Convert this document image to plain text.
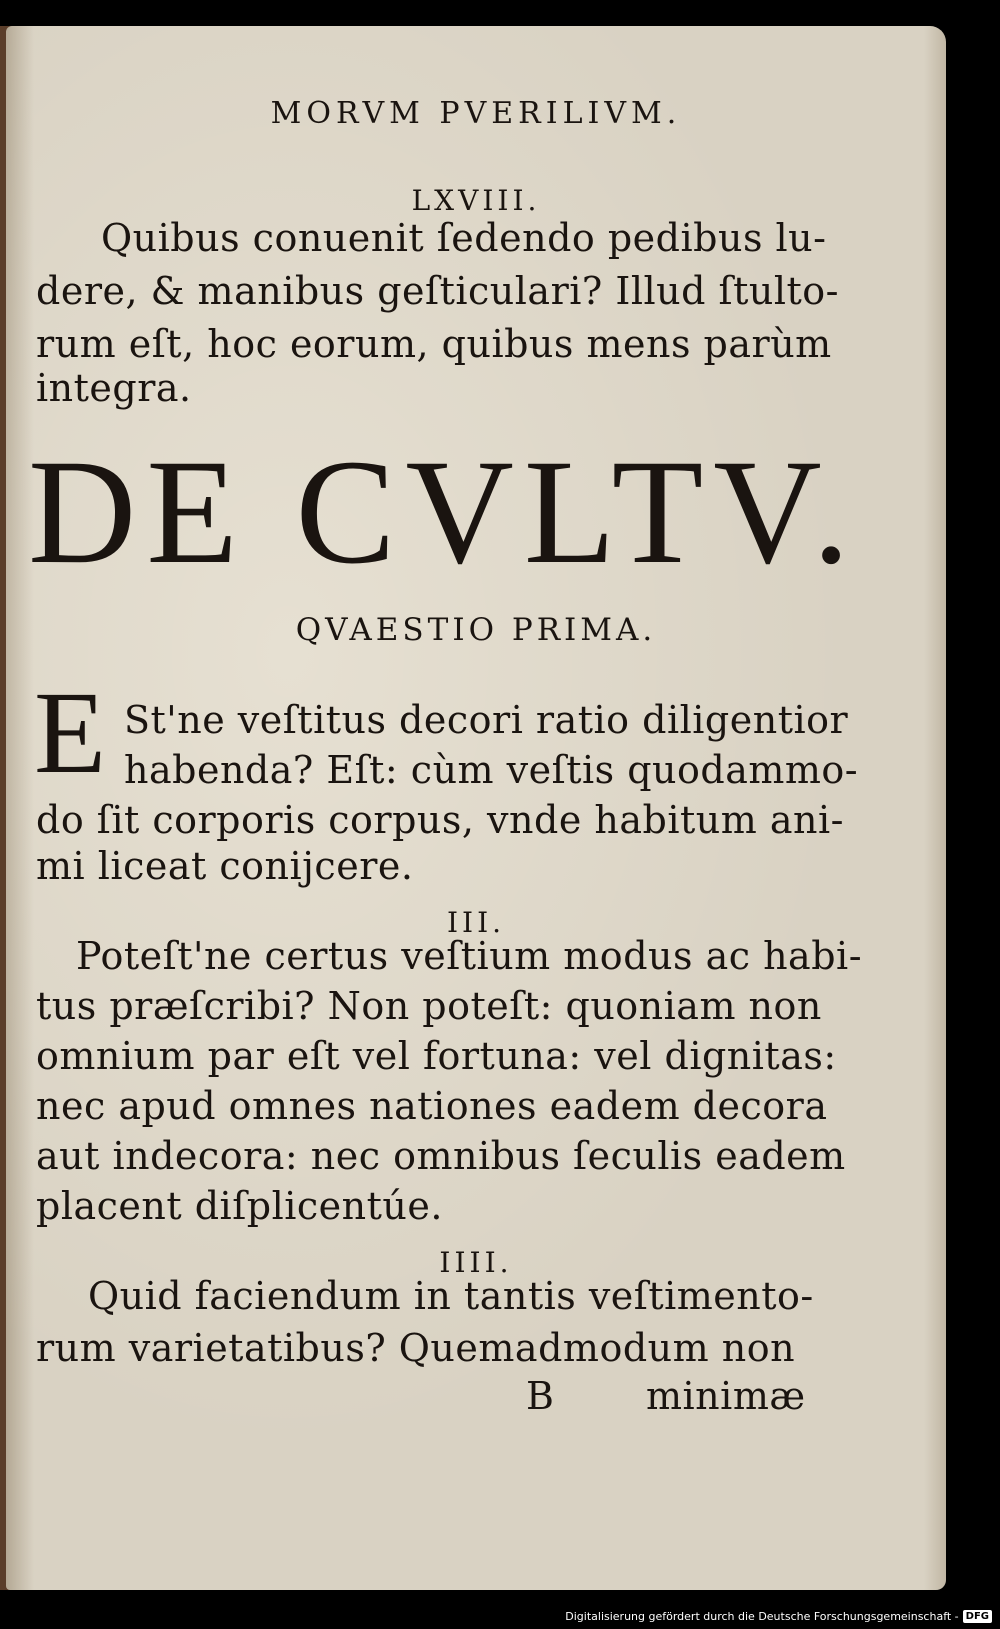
MORVM PVERILIVM.
LXVIII.
Quibus conuenit ſedendo pedibus lu-
dere, & manibus geſticulari? Illud ſtulto-
rum eſt, hoc eorum, quibus mens parùm
integra.
DE CVLTV.
QVAESTIO PRIMA.
E St'ne veſtitus decori ratio diligentior
habenda? Eſt: cùm veſtis quodammo-
do ſit corporis corpus, vnde habitum ani-
mi liceat conijcere.
III.
Poteſt'ne certus veſtium modus ac habi-
tus præſcribi? Non poteſt: quoniam non
omnium par eſt vel fortuna: vel dignitas:
nec apud omnes nationes eadem decora
aut indecora: nec omnibus ſeculis eadem
placent diſplicentúe.
IIII.
Quid faciendum in tantis veſtimento-
rum varietatibus? Quemadmodum non
B minimæ
Digitalisierung gefördert durch die Deutsche Forschungsgemeinschaft - DFG
